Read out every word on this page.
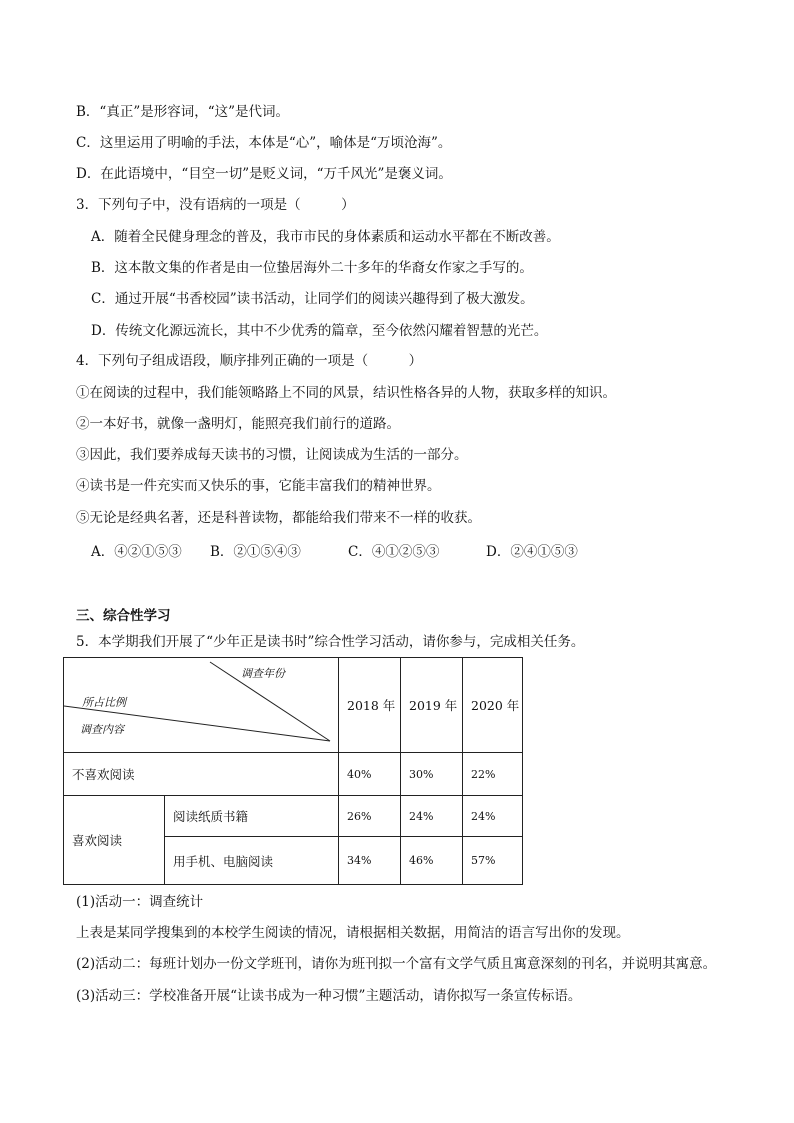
B．“真正”是形容词，“这”是代词。
C．这里运用了明喻的手法，本体是“心”，喻体是“万顷沧海”。
D．在此语境中，“目空一切”是贬义词，“万千风光”是褒义词。
3．下列句子中，没有语病的一项是（　　　）
A．随着全民健身理念的普及，我市市民的身体素质和运动水平都在不断改善。
B．这本散文集的作者是由一位蛰居海外二十多年的华裔女作家之手写的。
C．通过开展“书香校园”读书活动，让同学们的阅读兴趣得到了极大激发。
D．传统文化源远流长，其中不少优秀的篇章，至今依然闪耀着智慧的光芒。
4．下列句子组成语段，顺序排列正确的一项是（　　　）
①在阅读的过程中，我们能领略路上不同的风景，结识性格各异的人物，获取多样的知识。
②一本好书，就像一盏明灯，能照亮我们前行的道路。
③因此，我们要养成每天读书的习惯，让阅读成为生活的一部分。
④读书是一件充实而又快乐的事，它能丰富我们的精神世界。
⑤无论是经典名著，还是科普读物，都能给我们带来不一样的收获。
A．④②①⑤③ B．②①⑤④③	C．④①②⑤③	D．②④①⑤③
三、综合性学习
5．本学期我们开展了“少年正是读书时”综合性学习活动，请你参与，完成相关任务。
调查年份
所占比例
调查内容		2018 年	2019 年	2020 年
不喜欢阅读		40%	30%	22%
喜欢阅读	阅读纸质书籍	26%	24%	24%
	用手机、电脑阅读	34%	46%	57%
(1)活动一：调查统计
上表是某同学搜集到的本校学生阅读的情况，请根据相关数据，用简洁的语言写出你的发现。
(2)活动二：每班计划办一份文学班刊，请你为班刊拟一个富有文学气质且寓意深刻的刊名，并说明其寓意。
(3)活动三：学校准备开展“让读书成为一种习惯”主题活动，请你拟写一条宣传标语。
